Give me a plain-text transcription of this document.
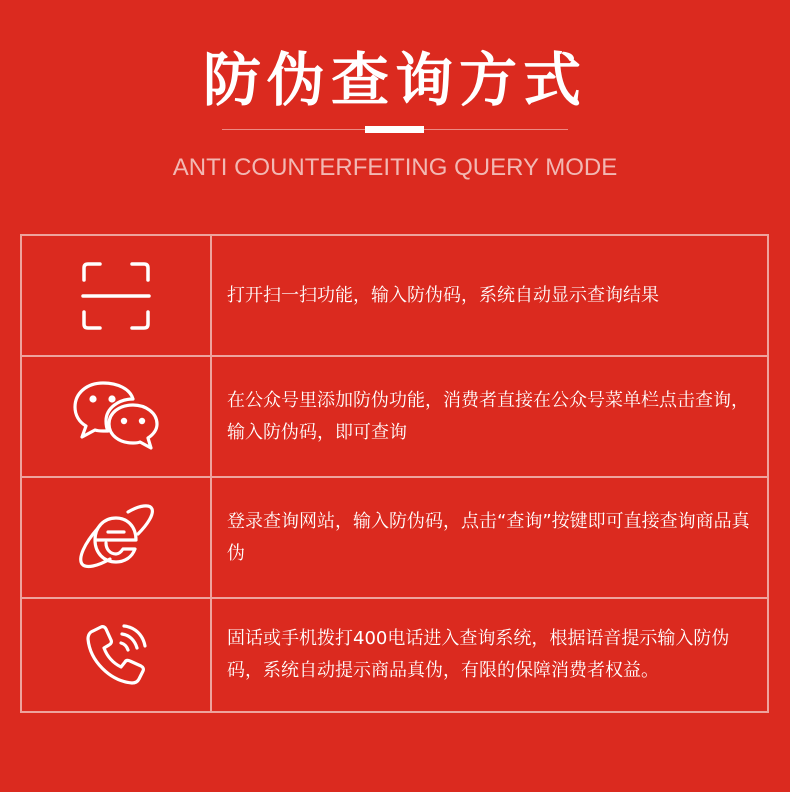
防伪查询方式
ANTI COUNTERFEITING QUERY MODE
打开扫一扫功能，输入防伪码，系统自动显示查询结果
在公众号里添加防伪功能，消费者直接在公众号菜单栏点击查询，输入防伪码，即可查询
登录查询网站，输入防伪码，点击“查询”按键即可直接查询商品真伪
固话或手机拨打400电话进入查询系统，根据语音提示输入防伪码，系统自动提示商品真伪，有限的保障消费者权益。
